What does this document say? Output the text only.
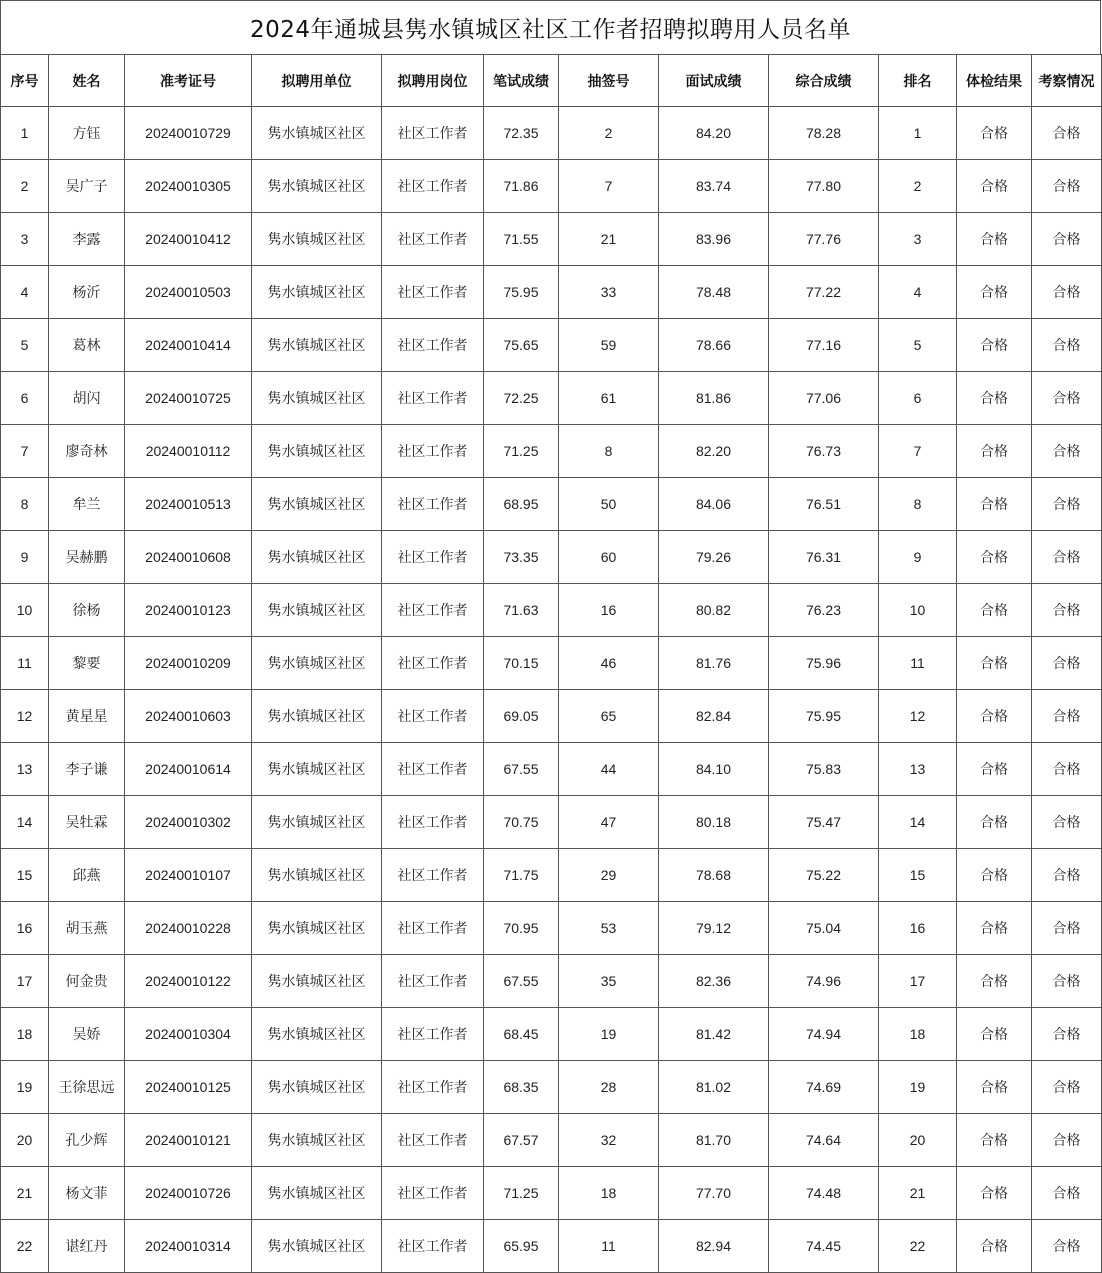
2024年通城县隽水镇城区社区工作者招聘拟聘用人员名单
序号	姓名	准考证号	拟聘用单位	拟聘用岗位	笔试成绩	抽签号	面试成绩	综合成绩	排名	体检结果	考察情况
1	方钰	20240010729	隽水镇城区社区	社区工作者	72.35	2	84.20	78.28	1	合格	合格
2	吴广子	20240010305	隽水镇城区社区	社区工作者	71.86	7	83.74	77.80	2	合格	合格
3	李露	20240010412	隽水镇城区社区	社区工作者	71.55	21	83.96	77.76	3	合格	合格
4	杨沂	20240010503	隽水镇城区社区	社区工作者	75.95	33	78.48	77.22	4	合格	合格
5	葛林	20240010414	隽水镇城区社区	社区工作者	75.65	59	78.66	77.16	5	合格	合格
6	胡闪	20240010725	隽水镇城区社区	社区工作者	72.25	61	81.86	77.06	6	合格	合格
7	廖奇林	20240010112	隽水镇城区社区	社区工作者	71.25	8	82.20	76.73	7	合格	合格
8	牟兰	20240010513	隽水镇城区社区	社区工作者	68.95	50	84.06	76.51	8	合格	合格
9	吴赫鹏	20240010608	隽水镇城区社区	社区工作者	73.35	60	79.26	76.31	9	合格	合格
10	徐杨	20240010123	隽水镇城区社区	社区工作者	71.63	16	80.82	76.23	10	合格	合格
11	黎要	20240010209	隽水镇城区社区	社区工作者	70.15	46	81.76	75.96	11	合格	合格
12	黄星星	20240010603	隽水镇城区社区	社区工作者	69.05	65	82.84	75.95	12	合格	合格
13	李子谦	20240010614	隽水镇城区社区	社区工作者	67.55	44	84.10	75.83	13	合格	合格
14	吴牡霖	20240010302	隽水镇城区社区	社区工作者	70.75	47	80.18	75.47	14	合格	合格
15	邱燕	20240010107	隽水镇城区社区	社区工作者	71.75	29	78.68	75.22	15	合格	合格
16	胡玉燕	20240010228	隽水镇城区社区	社区工作者	70.95	53	79.12	75.04	16	合格	合格
17	何金贵	20240010122	隽水镇城区社区	社区工作者	67.55	35	82.36	74.96	17	合格	合格
18	吴娇	20240010304	隽水镇城区社区	社区工作者	68.45	19	81.42	74.94	18	合格	合格
19	王徐思远	20240010125	隽水镇城区社区	社区工作者	68.35	28	81.02	74.69	19	合格	合格
20	孔少辉	20240010121	隽水镇城区社区	社区工作者	67.57	32	81.70	74.64	20	合格	合格
21	杨文菲	20240010726	隽水镇城区社区	社区工作者	71.25	18	77.70	74.48	21	合格	合格
22	谌红丹	20240010314	隽水镇城区社区	社区工作者	65.95	11	82.94	74.45	22	合格	合格
